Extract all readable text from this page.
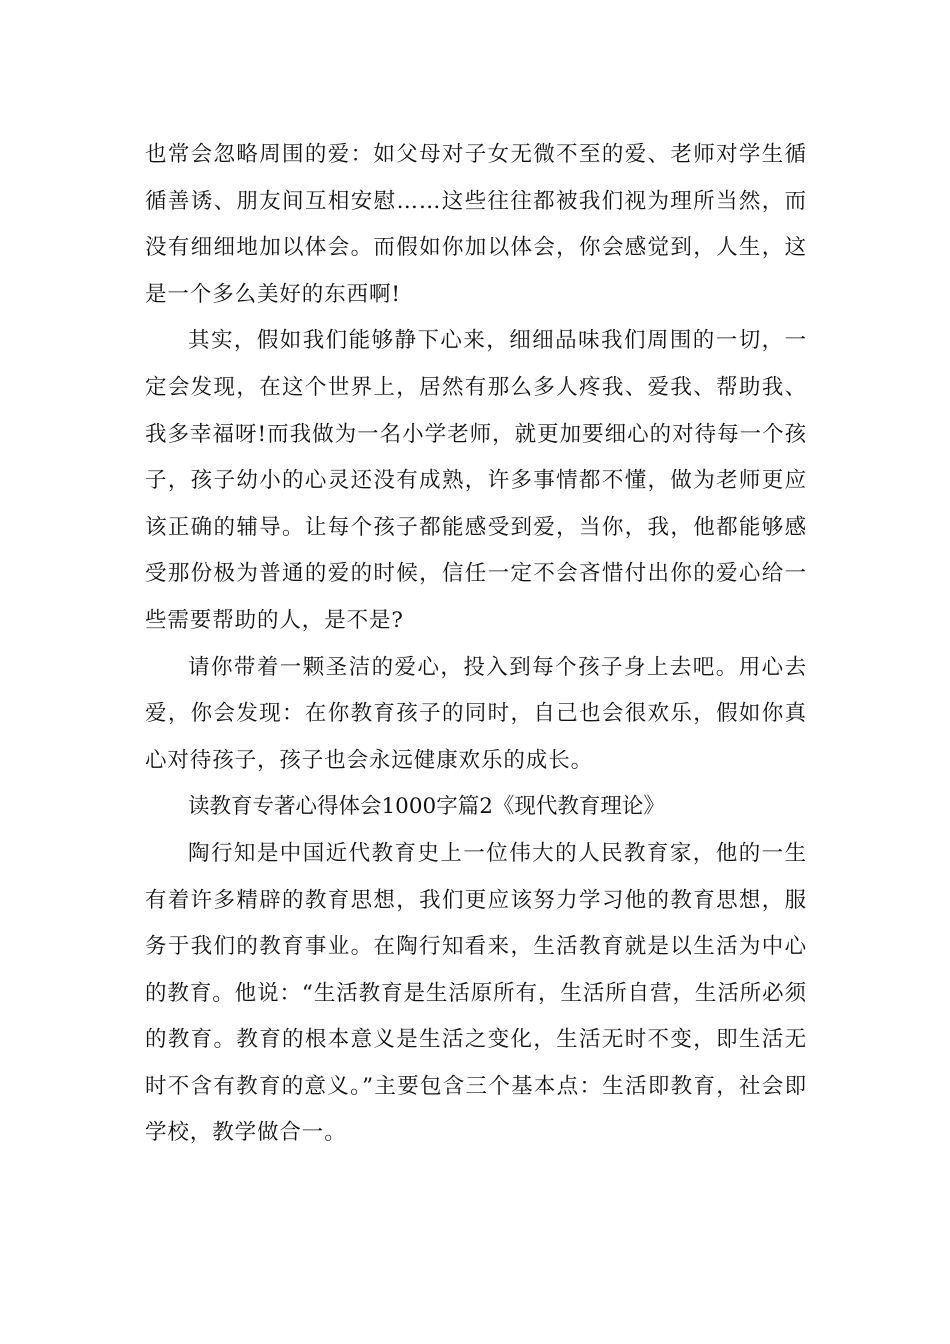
也常会忽略周围的爱：如父母对子女无微不至的爱、老师对学生循循善诱、朋友间互相安慰……这些往往都被我们视为理所当然，而没有细细地加以体会。而假如你加以体会，你会感觉到，人生，这是一个多么美好的东西啊!

其实，假如我们能够静下心来，细细品味我们周围的一切，一定会发现，在这个世界上，居然有那么多人疼我、爱我、帮助我、我多幸福呀!而我做为一名小学老师，就更加要细心的对待每一个孩子，孩子幼小的心灵还没有成熟，许多事情都不懂，做为老师更应该正确的辅导。让每个孩子都能感受到爱，当你，我，他都能够感受那份极为普通的爱的时候，信任一定不会吝惜付出你的爱心给一些需要帮助的人，是不是?

请你带着一颗圣洁的爱心，投入到每个孩子身上去吧。用心去爱，你会发现：在你教育孩子的同时，自己也会很欢乐，假如你真心对待孩子，孩子也会永远健康欢乐的成长。

读教育专著心得体会1000字篇2《现代教育理论》

陶行知是中国近代教育史上一位伟大的人民教育家，他的一生有着许多精辟的教育思想，我们更应该努力学习他的教育思想，服务于我们的教育事业。在陶行知看来，生活教育就是以生活为中心的教育。他说：“生活教育是生活原所有，生活所自营，生活所必须的教育。教育的根本意义是生活之变化，生活无时不变，即生活无时不含有教育的意义。”主要包含三个基本点：生活即教育，社会即学校，教学做合一。
